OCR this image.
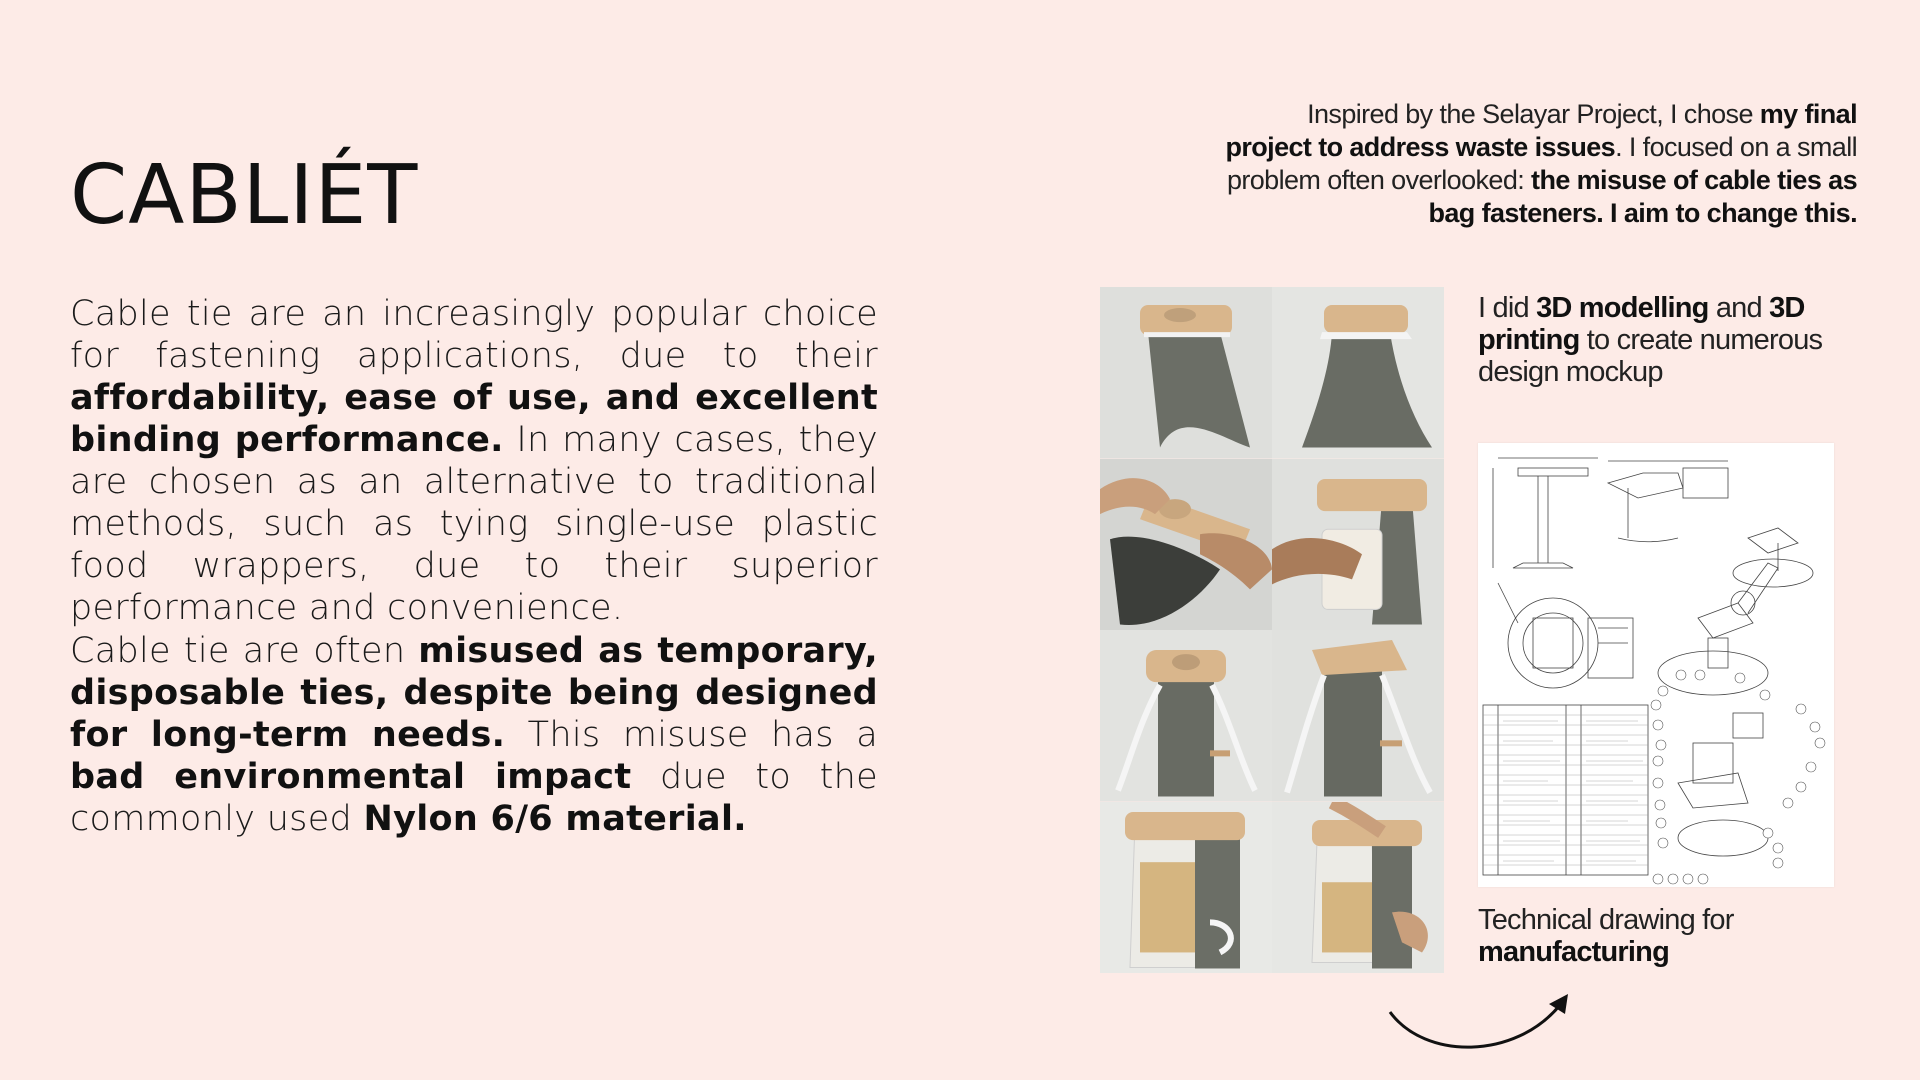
CABLIÉT

Cable tie are an increasingly popular choice for fastening applications, due to their affordability, ease of use, and excellent binding performance. In many cases, they are chosen as an alternative to traditional methods, such as tying single-use plastic food wrappers, due to their superior performance and convenience.

Cable tie are often misused as temporary, disposable ties, despite being designed for long-term needs. This misuse has a bad environmental impact due to the commonly used Nylon 6/6 material.

Inspired by the Selayar Project, I chose my final project to address waste issues. I focused on a small problem often overlooked: the misuse of cable ties as bag fasteners. I aim to change this.

I did 3D modelling and 3D printing to create numerous design mockup

Technical drawing for manufacturing
